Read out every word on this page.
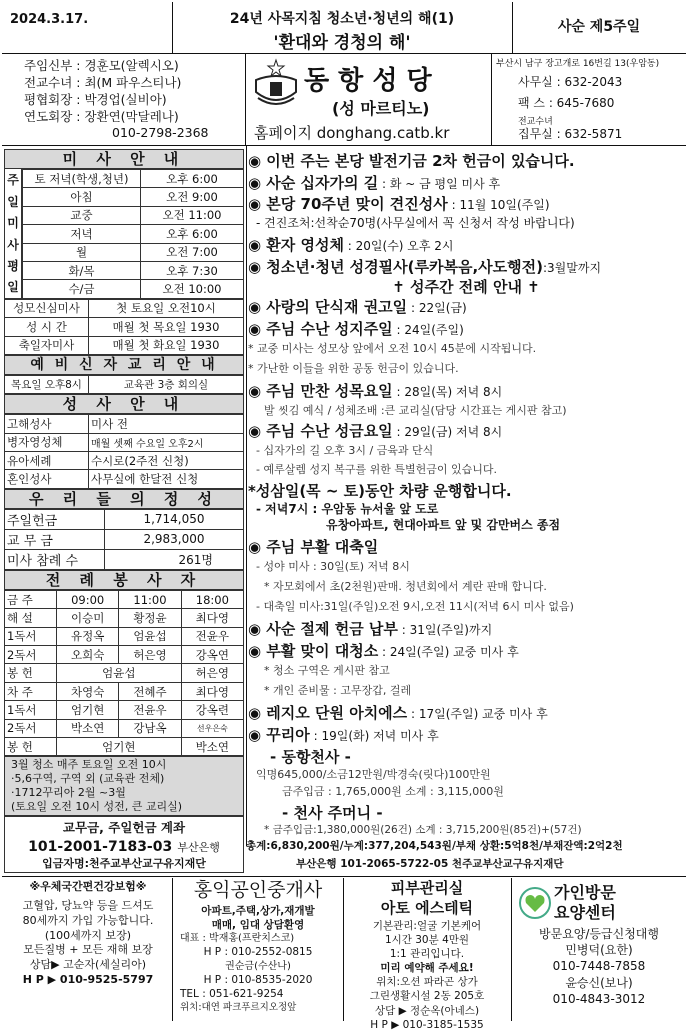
2024.3.17.	24년 사목지침 청소년·청년의 해(1)
'환대와 경청의 해'
사순 제5주일
주임신부 : 경훈모(알렉시오)
전교수녀 : 최(M 파우스티나)
평협회장 : 박경업(실비아)
연도회장 : 장환연(막달레나)
010-2798-2368
동 항 성 당
(성 마르티노)
홈페이지 donghang.catb.kr
부산시 남구 장고개로 16번길 13(우암동)
사무실 : 632-2043
팩 스 : 645-7680
전교수녀
집무실 : 632-5871
미 사 안 내
주
일
미
사
평
일
토 저녁(학생,청년)	오후 6:00
아침	오전 9:00
교중	오전 11:00
저녁	오후 6:00
월	오전 7:00
화/목	오후 7:30
수/금	오전 10:00
성모신심미사	첫 토요일 오전10시
성 시 간	매월 첫 목요일 1930
축일자미사	매월 첫 화요일 1930
예 비 신 자 교 리 안 내
목요일 오후8시	교육관 3층 회의실
성 사 안 내
고해성사	미사 전
병자영성체	매월 셋째 수요일 오후2시
유아세례	수시로(2주전 신청)
혼인성사	사무실에 한달전 신청
우 리 들 의 정 성
주일헌금	1,714,050
교 무 금	2,983,000
미사 참례 수	261명
전 례 봉 사 자
금 주	09:00	11:00	18:00
해 설	이승미	황정윤	최다영
1독서	유정옥	엄윤섭	전윤우
2독서	오희숙	허은영	강옥연
봉 헌	엄윤섭		허은영
차 주	차영숙	전혜주	최다영
1독서	엄기현	전윤우	강옥련
2독서	박소연	강남옥	선우은숙
봉 헌	엄기현		박소연
3월 청소 매주 토요일 오전 10시
·5,6구역, 구역 외 (교육관 전체)
·1712꾸리아 2월 ~3월
(토요일 오전 10시 성전, 큰 교리실)
교무금, 주일헌금 계좌
101-2001-7183-03 부산은행
입금자명:천주교부산교구유지재단
◉ 이번 주는 본당 발전기금 2차 헌금이 있습니다.
◉ 사순 십자가의 길 : 화 ~ 금 평일 미사 후
◉ 본당 70주년 맞이 견진성사 : 11월 10일(주일)
- 견진조처:선착순70명(사무실에서 꼭 신청서 작성 바랍니다)
◉ 환자 영성체 : 20일(수) 오후 2시
◉ 청소년·청년 성경필사(루카복음,사도행전):3월말까지
✝ 성주간 전례 안내 ✝
◉ 사랑의 단식재 권고일 : 22일(금)
◉ 주님 수난 성지주일 : 24일(주일)
* 교중 미사는 성모상 앞에서 오전 10시 45분에 시작됩니다.
* 가난한 이들을 위한 공동 헌금이 있습니다.
◉ 주님 만찬 성목요일 : 28일(목) 저녁 8시
발 씻김 예식 / 성체조배 :큰 교리실(담당 시간표는 게시판 참고)
◉ 주님 수난 성금요일 : 29일(금) 저녁 8시
- 십자가의 길 오후 3시 / 금육과 단식
- 예루살렘 성지 복구를 위한 특별헌금이 있습니다.
*성삼일(목 ~ 토)동안 차량 운행합니다.
- 저녁7시 : 우암동 뉴서울 앞 도로
유창아파트, 현대아파트 앞 및 감만버스 종점
◉ 주님 부활 대축일
- 성야 미사 : 30일(토) 저녁 8시
* 자모회에서 초(2천원)판매. 청년회에서 계란 판매 합니다.
- 대축일 미사:31일(주일)오전 9시,오전 11시(저녁 6시 미사 없음)
◉ 사순 절제 헌금 납부 : 31일(주일)까지
◉ 부활 맞이 대청소 : 24일(주일) 교중 미사 후
* 청소 구역은 게시판 참고
* 개인 준비물 : 고무장갑, 걸레
◉ 레지오 단원 아치에스 : 17일(주일) 교중 미사 후
◉ 꾸리아 : 19일(화) 저녁 미사 후
- 동항천사 -
익명645,000/소금12만원/박경숙(릿다)100만원
금주입금 : 1,765,000원 소계 : 3,115,000원
- 천사 주머니 -
* 금주입금:1,380,000원(26건) 소계 : 3,715,200원(85건)+(57건)
총계:6,830,200원/누계:377,204,543원/부채 상환:5억8천/부채잔액:2억2천
부산은행 101-2065-5722-05 천주교부산교구유지재단
※우체국간편건강보험※
고혈압, 당뇨약 등을 드셔도
80세까지 가입 가능합니다.
(100세까지 보장)
모든질병 + 모든 재해 보장
상담▶ 고순자(세실리아)
H P ▶ 010-9525-5797
홍익공인중개사
아파트,주택,상가,재개발
매매, 임대 상담환영
대표 : 박재홍(프란치스코)
H P : 010-2552-0815
권순금(수산나)
H P : 010-8535-2020
TEL : 051-621-9254
위치:대연 파크푸르지오정앞
피부관리실
아토 에스테틱
기본관리:얼굴 기본케어
1시간 30분 4만원
1:1 관리입니다.
미리 예약해 주세요!
위치:오션 파라곤 상가
그린생활시설 2동 205호
상담 ▶ 정순옥(아네스)
H P ▶ 010-3185-1535
가인방문
요양센터
방문요양/등급신청대행
민병덕(요한)
010-7448-7858
윤승신(보나)
010-4843-3012
